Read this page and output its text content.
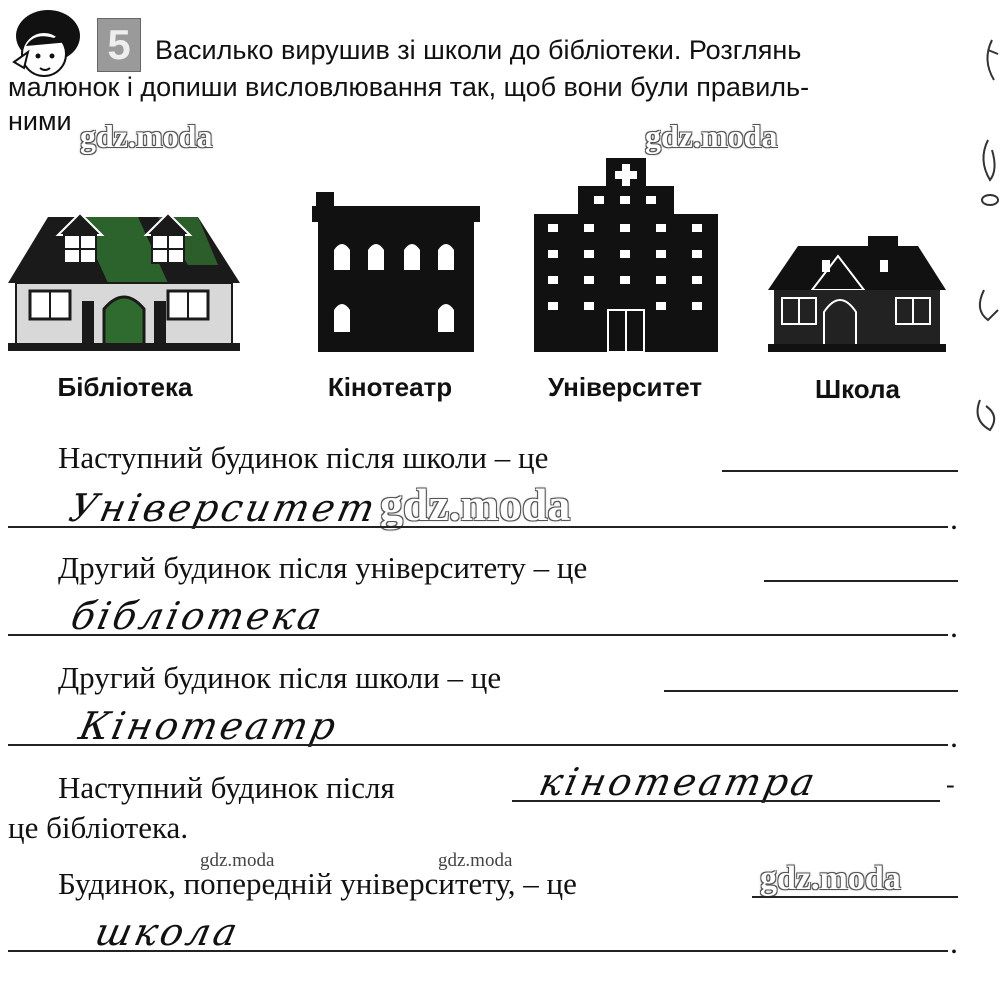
5 Василько вирушив зі школи до бібліотеки. Розглянь
малюнок і допиши висловлювання так, щоб вони були правиль-
ними gdz.moda	gdz.moda
gdz.moda
gdz.moda
gdz.moda	gdz.moda
Бібліотека	Кінотеатр	Університет	Школа
Наступний будинок після школи – це
Університет	.
Другий будинок після університету – це
бібліотека	.
Другий будинок після школи – це
Кінотеатр	.
Наступний будинок після	кінотеатра	-
це бібліотека.
Будинок, попередній університету, – це
школа	.
